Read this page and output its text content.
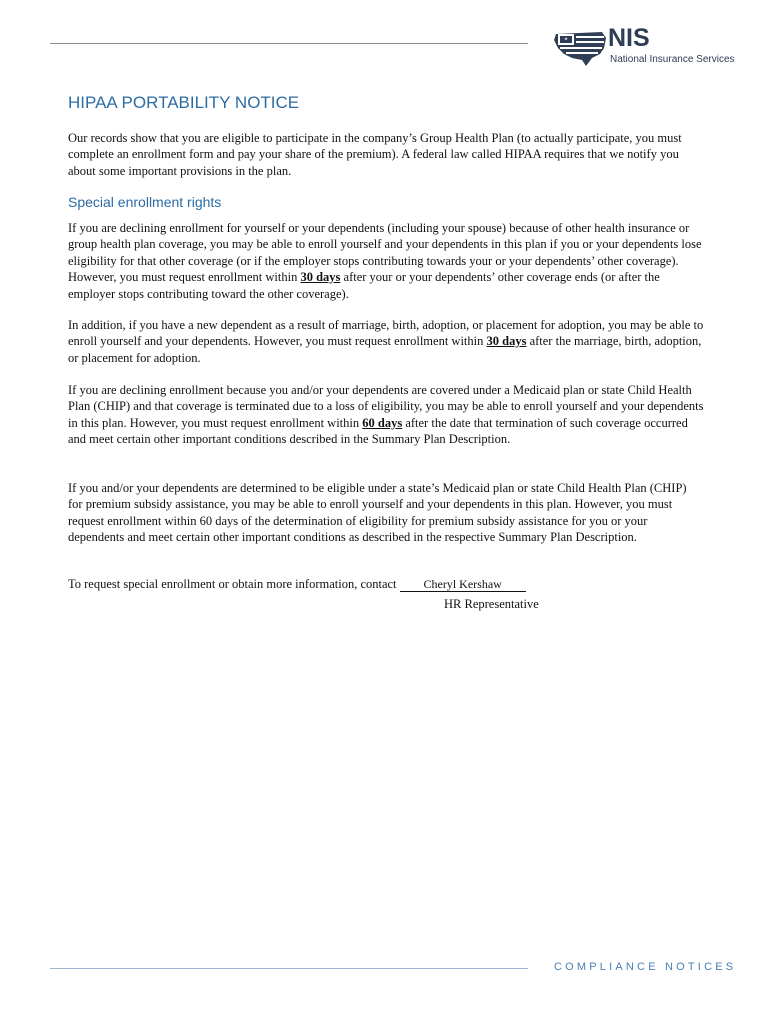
NIS
National Insurance Services
HIPAA PORTABILITY NOTICE

Our records show that you are eligible to participate in the company’s Group Health Plan (to actually participate, you must complete an enrollment form and pay your share of the premium). A federal law called HIPAA requires that we notify you about some important provisions in the plan.

Special enrollment rights

If you are declining enrollment for yourself or your dependents (including your spouse) because of other health insurance or group health plan coverage, you may be able to enroll yourself and your dependents in this plan if you or your dependents lose eligibility for that other coverage (or if the employer stops contributing towards your or your dependents’ other coverage). However, you must request enrollment within 30 days after your or your dependents’ other coverage ends (or after the employer stops contributing toward the other coverage).

In addition, if you have a new dependent as a result of marriage, birth, adoption, or placement for adoption, you may be able to enroll yourself and your dependents. However, you must request enrollment within 30 days after the marriage, birth, adoption, or placement for adoption.

If you are declining enrollment because you and/or your dependents are covered under a Medicaid plan or state Child Health Plan (CHIP) and that coverage is terminated due to a loss of eligibility, you may be able to enroll yourself and your dependents in this plan. However, you must request enrollment within 60 days after the date that termination of such coverage occurred and meet certain other important conditions described in the Summary Plan Description.

If you and/or your dependents are determined to be eligible under a state’s Medicaid plan or state Child Health Plan (CHIP) for premium subsidy assistance, you may be able to enroll yourself and your dependents in this plan. However, you must request enrollment within 60 days of the determination of eligibility for premium subsidy assistance for you or your dependents and meet certain other important conditions as described in the respective Summary Plan Description.

To request special enrollment or obtain more information, contact Cheryl Kershaw
HR Representative
COMPLIANCE NOTICES
